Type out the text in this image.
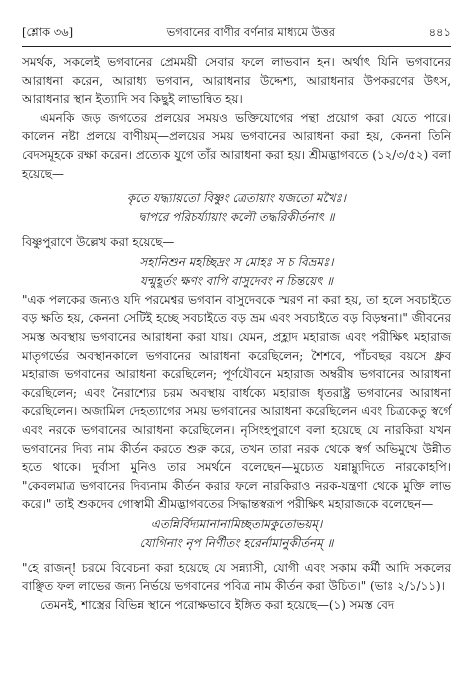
[শ্লোক ৩৬]	ভগবানের বাণীর বর্ণনার মাধ্যমে উত্তর	৪৪১

সমর্থক, সকলেই ভগবানের প্রেমময়ী সেবার ফলে লাভবান হন। অর্থাৎ যিনি ভগবানের আরাধনা করেন, আরাধ্য ভগবান, আরাধনার উদ্দেশ্য, আরাধনার উপকরণের উৎস, আরাধনার স্থান ইত্যাদি সব কিছুই লাভান্বিত হয়।

এমনকি জড় জগতের প্রলয়ের সময়ও ভক্তিযোগের পন্থা প্রয়োগ করা যেতে পারে। কালেন নষ্টা প্রলয়ে বাণীয়ম্—প্রলয়ের সময় ভগবানের আরাধনা করা হয়, কেননা তিনি বেদসমূহকে রক্ষা করেন। প্রত্যেক যুগে তাঁর আরাধনা করা হয়। শ্রীমদ্ভাগবতে (১২/৩/৫২) বলা হয়েছে—

কৃতে যদ্ধ্যায়তো বিষ্ণুং ত্রেতায়াং যজতো মখৈঃ।
দ্বাপরে পরিচর্য্যায়াং কলৌ তদ্ধরিকীর্তনাৎ ॥

বিষ্ণুপুরাণে উল্লেখ করা হয়েছে—

সহানিশুন মহচ্ছিদ্রং স মোহঃ স চ বিভ্রমঃ।
যন্মুহূর্তং ক্ষণং বাপি বাসুদেবং ন চিন্তয়েৎ ॥

"এক পলকের জন্যও যদি পরমেশ্বর ভগবান বাসুদেবকে স্মরণ না করা হয়, তা হলে সবচাইতে বড় ক্ষতি হয়, কেননা সেটিই হচ্ছে সবচাইতে বড় ভ্রম এবং সবচাইতে বড় বিড়ম্বনা।" জীবনের সমস্ত অবস্থায় ভগবানের আরাধনা করা যায়। যেমন, প্রহ্লাদ মহারাজ এবং পরীক্ষিৎ মহারাজ মাতৃগর্ভের অবস্থানকালে ভগবানের আরাধনা করেছিলেন; শৈশবে, পাঁচবছর বয়সে ধ্রুব মহারাজ ভগবানের আরাধনা করেছিলেন; পূর্ণযৌবনে মহারাজ অম্বরীষ ভগবানের আরাধনা করেছিলেন; এবং নৈরাশ্যের চরম অবস্থায় বার্ধক্যে মহারাজ ধৃতরাষ্ট্র ভগবানের আরাধনা করেছিলেন। অজামিল দেহত্যাগের সময় ভগবানের আরাধনা করেছিলেন এবং চিত্রকেতু স্বর্গে এবং নরকে ভগবানের আরাধনা করেছিলেন। নৃসিংহপুরাণে বলা হয়েছে যে নারকিরা যখন ভগবানের দিব্য নাম কীর্তন করতে শুরু করে, তখন তারা নরক থেকে স্বর্গ অভিমুখে উন্নীত হতে থাকে। দুর্বাসা মুনিও তার সমর্থনে বলেছেন—মুচ্যেত যন্নাম্ন্যুদিতে নারকোহপি। "কেবলমাত্র ভগবানের দিব্যনাম কীর্তন করার ফলে নারকিরাও নরক-যন্ত্রণা থেকে মুক্তি লাভ করে।" তাই শুকদেব গোস্বামী শ্রীমদ্ভাগবতের সিদ্ধান্তস্বরূপ পরীক্ষিৎ মহারাজকে বলেছেন—

এতন্নির্বিদ্যমানানামিচ্ছতামকুতোভয়ম্।
যোগিনাং নৃপ নির্ণীতং হরের্নামানুকীর্তনম্ ॥

"হে রাজন্! চরমে বিবেচনা করা হয়েছে যে সন্ন্যাসী, যোগী এবং সকাম কর্মী আদি সকলের বাঞ্ছিত ফল লাভের জন্য নির্ভয়ে ভগবানের পবিত্র নাম কীর্তন করা উচিত।" (ভাঃ ২/১/১১)।

তেমনই, শাস্ত্রের বিভিন্ন স্থানে পরোক্ষভাবে ইঙ্গিত করা হয়েছে—(১) সমস্ত বেদ
